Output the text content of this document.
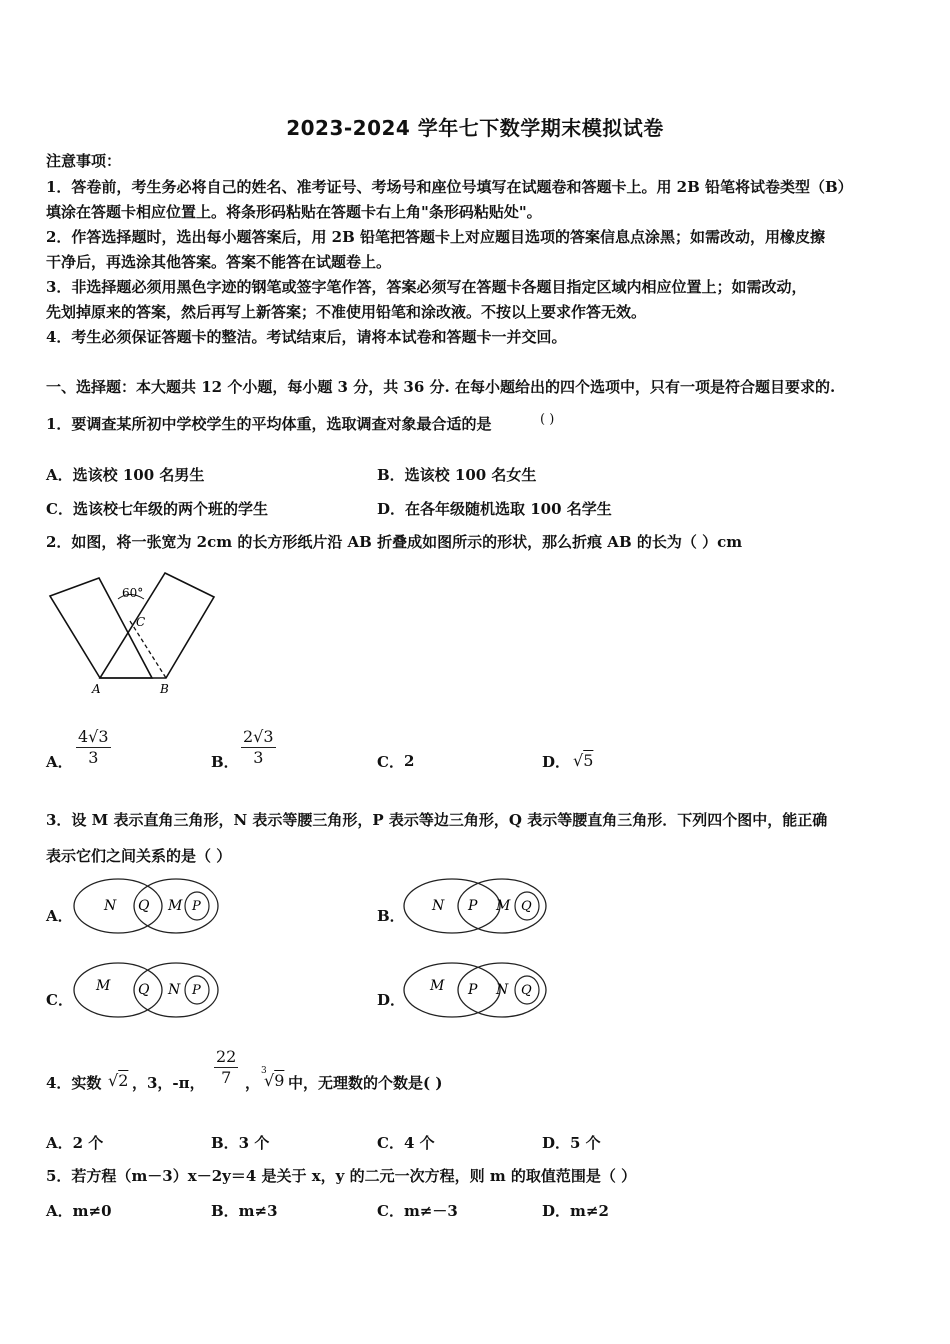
2023-2024 学年七下数学期末模拟试卷
注意事项：
1．答卷前，考生务必将自己的姓名、准考证号、考场号和座位号填写在试题卷和答题卡上。用 2B 铅笔将试卷类型（B）
填涂在答题卡相应位置上。将条形码粘贴在答题卡右上角"条形码粘贴处"。
2．作答选择题时，选出每小题答案后，用 2B 铅笔把答题卡上对应题目选项的答案信息点涂黑；如需改动，用橡皮擦
干净后，再选涂其他答案。答案不能答在试题卷上。
3．非选择题必须用黑色字迹的钢笔或签字笔作答，答案必须写在答题卡各题目指定区域内相应位置上；如需改动，
先划掉原来的答案，然后再写上新答案；不准使用铅笔和涂改液。不按以上要求作答无效。
4．考生必须保证答题卡的整洁。考试结束后，请将本试卷和答题卡一并交回。
一、选择题：本大题共 12 个小题，每小题 3 分，共 36 分. 在每小题给出的四个选项中，只有一项是符合题目要求的.
1．要调查某所初中学校学生的平均体重，选取调查对象最合适的是	( )
A．选该校 100 名男生	B．选该校 100 名女生
C．选该校七年级的两个班的学生	D．在各年级随机选取 100 名学生
2．如图，将一张宽为 2cm 的长方形纸片沿 AB 折叠成如图所示的形状，那么折痕 AB 的长为（ ）cm
60°
C
A	B
A． $\frac{4√3}{3}$	B． $\frac{2√3}{3}$	C． 2	D． √5
3．设 M 表示直角三角形，N 表示等腰三角形，P 表示等边三角形，Q 表示等腰直角三角形．下列四个图中，能正确
表示它们之间关系的是（ ）
A．
N Q M P
B．
N P M Q
C．
M Q N P
D．
M P N Q
4．实数 √2 ，3，-π， $\frac{22}{7}$ ，
3
√9 中，无理数的个数是( )
A．2 个	B．3 个	C．4 个	D．5 个
5．若方程（m－3）x－2y＝4 是关于 x，y 的二元一次方程，则 m 的取值范围是（ ）
A．m≠0	B．m≠3	C．m≠－3	D．m≠2
